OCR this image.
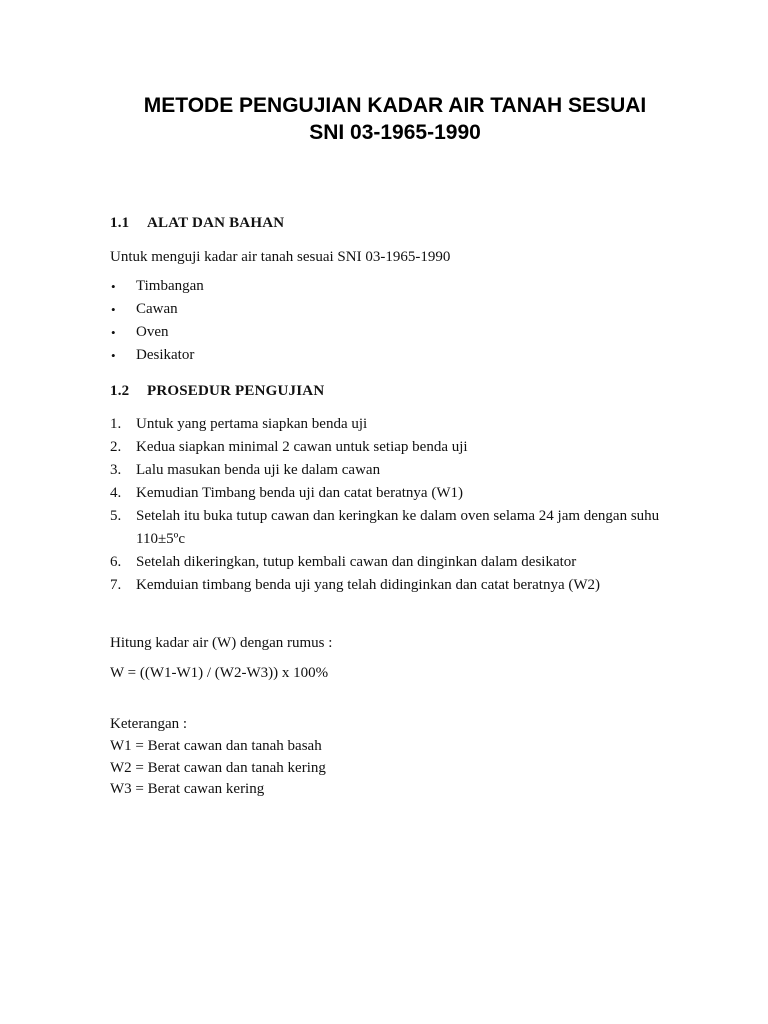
METODE PENGUJIAN KADAR AIR TANAH SESUAI
SNI 03-1965-1990
1.1 ALAT DAN BAHAN
Untuk menguji kadar air tanah sesuai SNI 03-1965-1990
•	Timbangan
•	Cawan
•	Oven
•	Desikator
1.2 PROSEDUR PENGUJIAN
1. Untuk yang pertama siapkan benda uji
2. Kedua siapkan minimal 2 cawan untuk setiap benda uji
3. Lalu masukan benda uji ke dalam cawan
4. Kemudian Timbang benda uji dan catat beratnya (W1)
5. Setelah itu buka tutup cawan dan keringkan ke dalam oven selama 24 jam dengan suhu 110±5ºc
6. Setelah dikeringkan, tutup kembali cawan dan dinginkan dalam desikator
7. Kemduian timbang benda uji yang telah didinginkan dan catat beratnya (W2)
Hitung kadar air (W) dengan rumus :
W = ((W1-W1) / (W2-W3)) x 100%
Keterangan :
W1 = Berat cawan dan tanah basah
W2 = Berat cawan dan tanah kering
W3 = Berat cawan kering
